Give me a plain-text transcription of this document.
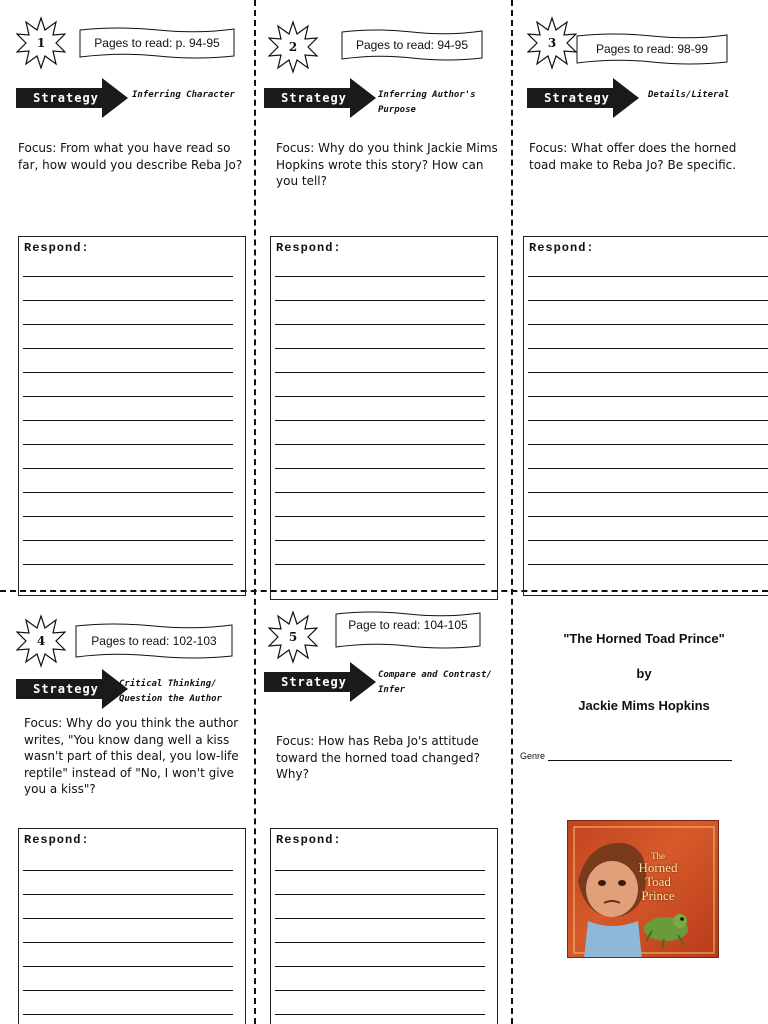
1	Pages to read: p. 94-95
Strategy	Inferring Character
Focus: From what you have read so far, how would you describe Reba Jo?
Respond:
2	Pages to read: 94-95
Strategy	Inferring Author's Purpose
Focus: Why do you think Jackie Mims Hopkins wrote this story? How can you tell?
Respond:
3	Pages to read: 98-99
Strategy	Details/Literal
Focus: What offer does the horned toad make to Reba Jo? Be specific.
Respond:
4	Pages to read: 102-103
Strategy	Critical Thinking/ Question the Author
Focus: Why do you think the author writes, "You know dang well a kiss wasn't part of this deal, you low-life reptile" instead of "No, I won't give you a kiss"?
Respond:
5
Page to read: 104-105
Strategy	Compare and Contrast/ Infer
Focus: How has Reba Jo's attitude toward the horned toad changed? Why?
Respond:
"The Horned Toad Prince"
by
Jackie Mims Hopkins
Genre
The
Horned
Toad
Prince
